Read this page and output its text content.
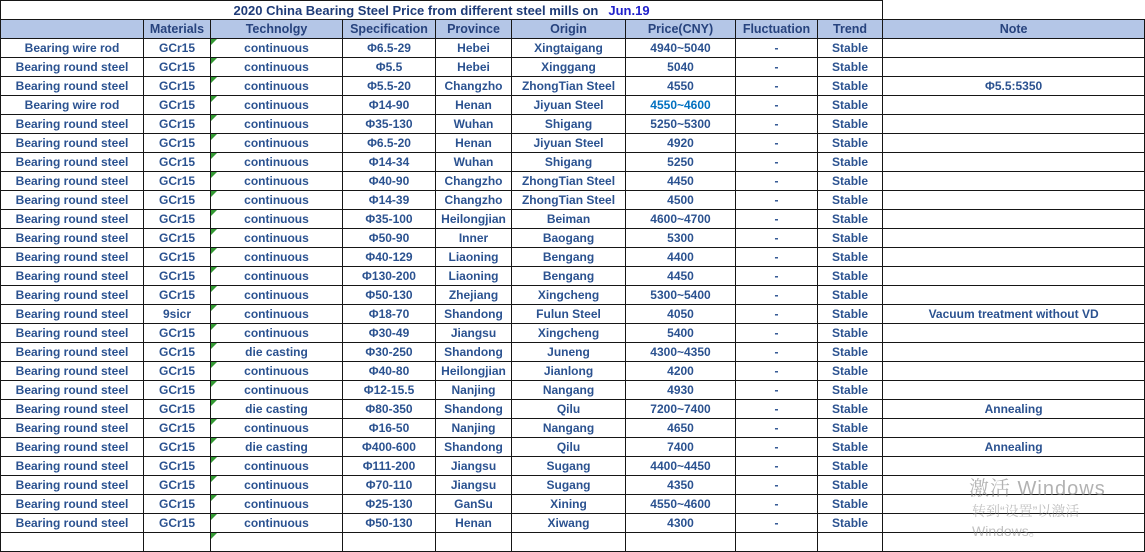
2020 China Bearing Steel Price from different steel mills on Jun.19									
	Materials	Technolgy	Specification	Province	Origin	Price(CNY)	Fluctuation	Trend	Note
Bearing wire rod	GCr15	continuous	Φ6.5-29	Hebei	Xingtaigang	4940~5040	-	Stable	
Bearing round steel	GCr15	continuous	Φ5.5	Hebei	Xinggang	5040	-	Stable	
Bearing round steel	GCr15	continuous	Φ5.5-20	Changzho	ZhongTian Steel	4550	-	Stable	Φ5.5:5350
Bearing wire rod	GCr15	continuous	Φ14-90	Henan	Jiyuan Steel	4550~4600	-	Stable	
Bearing round steel	GCr15	continuous	Φ35-130	Wuhan	Shigang	5250~5300	-	Stable	
Bearing round steel	GCr15	continuous	Φ6.5-20	Henan	Jiyuan Steel	4920	-	Stable	
Bearing round steel	GCr15	continuous	Φ14-34	Wuhan	Shigang	5250	-	Stable	
Bearing round steel	GCr15	continuous	Φ40-90	Changzho	ZhongTian Steel	4450	-	Stable	
Bearing round steel	GCr15	continuous	Φ14-39	Changzho	ZhongTian Steel	4500	-	Stable	
Bearing round steel	GCr15	continuous	Φ35-100	Heilongjian	Beiman	4600~4700	-	Stable	
Bearing round steel	GCr15	continuous	Φ50-90	Inner	Baogang	5300	-	Stable	
Bearing round steel	GCr15	continuous	Φ40-129	Liaoning	Bengang	4400	-	Stable	
Bearing round steel	GCr15	continuous	Φ130-200	Liaoning	Bengang	4450	-	Stable	
Bearing round steel	GCr15	continuous	Φ50-130	Zhejiang	Xingcheng	5300~5400	-	Stable	
Bearing round steel	9sicr	continuous	Φ18-70	Shandong	Fulun Steel	4050	-	Stable	Vacuum treatment without VD
Bearing round steel	GCr15	continuous	Φ30-49	Jiangsu	Xingcheng	5400	-	Stable	
Bearing round steel	GCr15	die casting	Φ30-250	Shandong	Juneng	4300~4350	-	Stable	
Bearing round steel	GCr15	continuous	Φ40-80	Heilongjian	Jianlong	4200	-	Stable	
Bearing round steel	GCr15	continuous	Φ12-15.5	Nanjing	Nangang	4930	-	Stable	
Bearing round steel	GCr15	die casting	Φ80-350	Shandong	Qilu	7200~7400	-	Stable	Annealing
Bearing round steel	GCr15	continuous	Φ16-50	Nanjing	Nangang	4650	-	Stable	
Bearing round steel	GCr15	die casting	Φ400-600	Shandong	Qilu	7400	-	Stable	Annealing
Bearing round steel	GCr15	continuous	Φ111-200	Jiangsu	Sugang	4400~4450	-	Stable	
Bearing round steel	GCr15	continuous	Φ70-110	Jiangsu	Sugang	4350	-	Stable	
Bearing round steel	GCr15	continuous	Φ25-130	GanSu	Xining	4550~4600	-	Stable	
Bearing round steel	GCr15	continuous	Φ50-130	Henan	Xiwang	4300	-	Stable	

激活 Windows
转到“设置”以激活 Windows。
